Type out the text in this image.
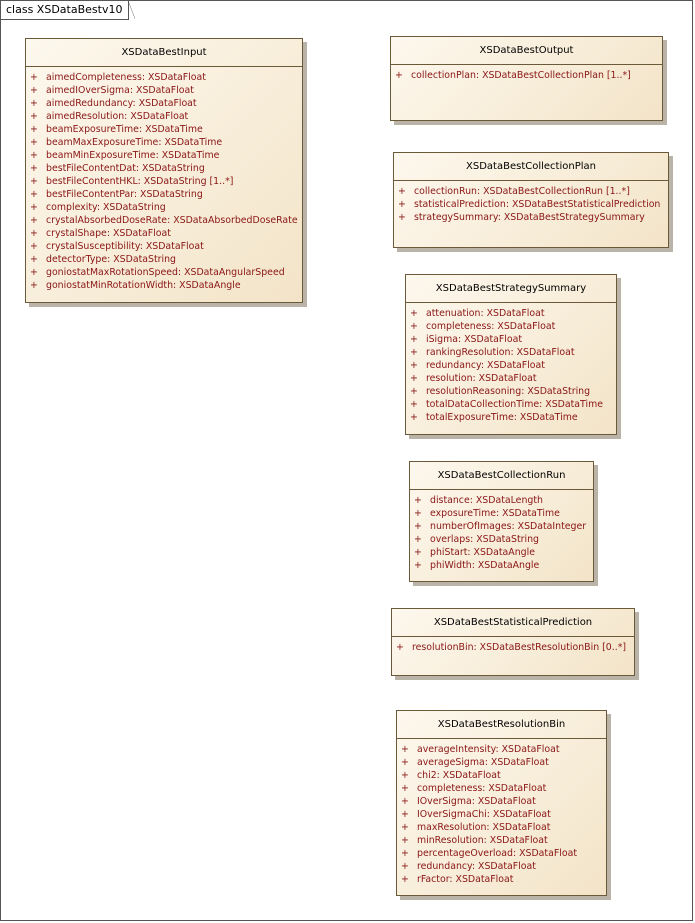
class XSDataBestv10
XSDataBestInput
+ aimedCompleteness: XSDataFloat
+ aimedIOverSigma: XSDataFloat
+ aimedRedundancy: XSDataFloat
+ aimedResolution: XSDataFloat
+ beamExposureTime: XSDataTime
+ beamMaxExposureTime: XSDataTime
+ beamMinExposureTime: XSDataTime
+ bestFileContentDat: XSDataString
+ bestFileContentHKL: XSDataString [1..*]
+ bestFileContentPar: XSDataString
+ complexity: XSDataString
+ crystalAbsorbedDoseRate: XSDataAbsorbedDoseRate
+ crystalShape: XSDataFloat
+ crystalSusceptibility: XSDataFloat
+ detectorType: XSDataString
+ goniostatMaxRotationSpeed: XSDataAngularSpeed
+ goniostatMinRotationWidth: XSDataAngle
XSDataBestOutput
+ collectionPlan: XSDataBestCollectionPlan [1..*]
XSDataBestCollectionPlan
+ collectionRun: XSDataBestCollectionRun [1..*]
+ statisticalPrediction: XSDataBestStatisticalPrediction
+ strategySummary: XSDataBestStrategySummary
XSDataBestStrategySummary
+ attenuation: XSDataFloat
+ completeness: XSDataFloat
+ iSigma: XSDataFloat
+ rankingResolution: XSDataFloat
+ redundancy: XSDataFloat
+ resolution: XSDataFloat
+ resolutionReasoning: XSDataString
+ totalDataCollectionTime: XSDataTime
+ totalExposureTime: XSDataTime
XSDataBestCollectionRun
+ distance: XSDataLength
+ exposureTime: XSDataTime
+ numberOfImages: XSDataInteger
+ overlaps: XSDataString
+ phiStart: XSDataAngle
+ phiWidth: XSDataAngle
XSDataBestStatisticalPrediction
+ resolutionBin: XSDataBestResolutionBin [0..*]
XSDataBestResolutionBin
+ averageIntensity: XSDataFloat
+ averageSigma: XSDataFloat
+ chi2: XSDataFloat
+ completeness: XSDataFloat
+ IOverSigma: XSDataFloat
+ IOverSigmaChi: XSDataFloat
+ maxResolution: XSDataFloat
+ minResolution: XSDataFloat
+ percentageOverload: XSDataFloat
+ redundancy: XSDataFloat
+ rFactor: XSDataFloat
